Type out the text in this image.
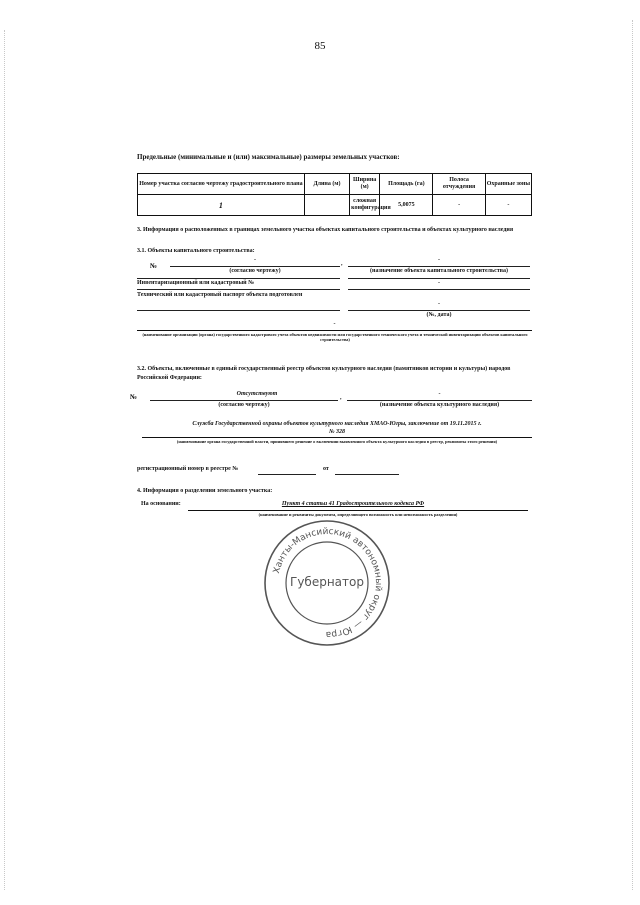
85
Предельные (минимальные и (или) максимальные) размеры земельных участков:
Номер участка согласно чертежу градостроительного плана	Длина (м)	Ширина (м)	Площадь (га)	Полоса отчуждения	Охранные зоны
1		сложная конфигурация	5,0075	-	-
3. Информация о расположенных в границах земельного участка объектах капитального строительства и объектах культурного наследия
3.1. Объекты капитального строительства:
№
-
,
-
(согласно чертежу)	(назначение объекта капитального строительства)
Инвентаризационный или кадастровый №	-
Технический или кадастровый паспорт объекта подготовлен
-
(№, дата)
-
(наименование организации (органа) государственного кадастрового учета объектов недвижимости или государственного технического учета и технической инвентаризации объектов капитального строительства)
3.2. Объекты, включенные в единый государственный реестр объектов культурного наследия (памятников истории и культуры) народов Российской Федерации:
№	Отсутствуют
,
-
(согласно чертежу)	(назначение объекта культурного наследия)
Служба Государственной охраны объектов культурного наследия ХМАО-Югры, заключение от 19.11.2015 г.
№ 328
(наименование органа государственной власти, принявшего решение о включении выявленного объекта культурного наследия в реестр, реквизиты этого решения)
регистрационный номер в реестре №	от
4. Информация о разделении земельного участка:
На основании:	Пункт 4 статьи 41 Градостроительного кодекса РФ
(наименование и реквизиты документа, определяющего возможность или невозможность разделения)
Ханты-Мансийский автономный округ — Югра
Губернатор
